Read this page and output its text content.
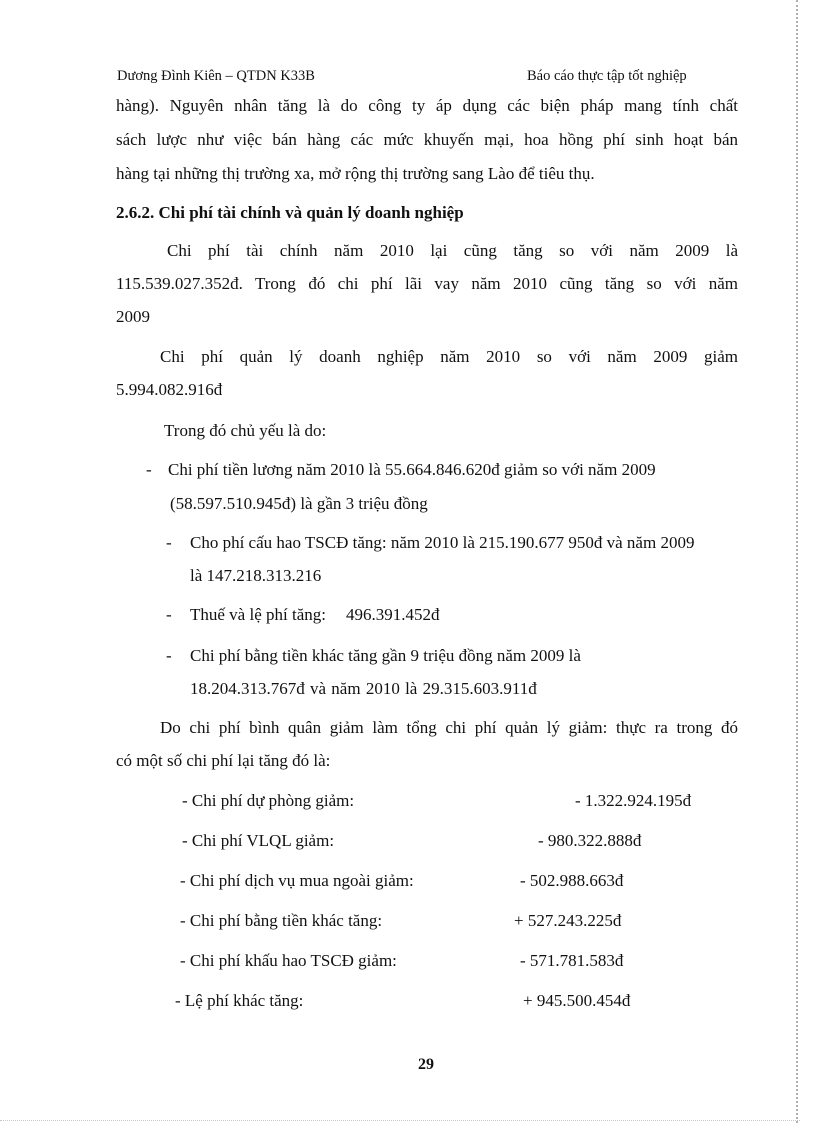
Dương Đình Kiên – QTDN K33B	Báo cáo thực tập tốt nghiệp
hàng). Nguyên nhân tăng là do công ty áp dụng các biện pháp mang tính chất
sách lược như việc bán hàng các mức khuyến mại, hoa hồng phí sinh hoạt bán
hàng tại những thị trường xa, mở rộng thị trường sang Lào để tiêu thụ.
2.6.2. Chi phí tài chính và quản lý doanh nghiệp
Chi phí tài chính năm 2010 lại cũng tăng so với năm 2009 là
115.539.027.352đ. Trong đó chi phí lãi vay năm 2010 cũng tăng so với năm
2009
Chi phí quản lý doanh nghiệp năm 2010 so với năm 2009 giảm
5.994.082.916đ
Trong đó chủ yếu là do:
- Chi phí tiền lương năm 2010 là 55.664.846.620đ giảm so với năm 2009
(58.597.510.945đ) là gần 3 triệu đồng
- Cho phí cấu hao TSCĐ tăng: năm 2010 là 215.190.677 950đ và năm 2009
là 147.218.313.216
- Thuế và lệ phí tăng: 496.391.452đ
- Chi phí bằng tiền khác tăng gần 9 triệu đồng năm 2009 là
18.204.313.767đ và năm 2010 là 29.315.603.911đ
Do chi phí bình quân giảm làm tổng chi phí quản lý giảm: thực ra trong đó
có một số chi phí lại tăng đó là:
- Chi phí dự phòng giảm:	- 1.322.924.195đ
- Chi phí VLQL giảm:	- 980.322.888đ
- Chi phí dịch vụ mua ngoài giảm:	- 502.988.663đ
- Chi phí bằng tiền khác tăng:	+ 527.243.225đ
- Chi phí khấu hao TSCĐ giảm:	- 571.781.583đ
- Lệ phí khác tăng:	+ 945.500.454đ
29
